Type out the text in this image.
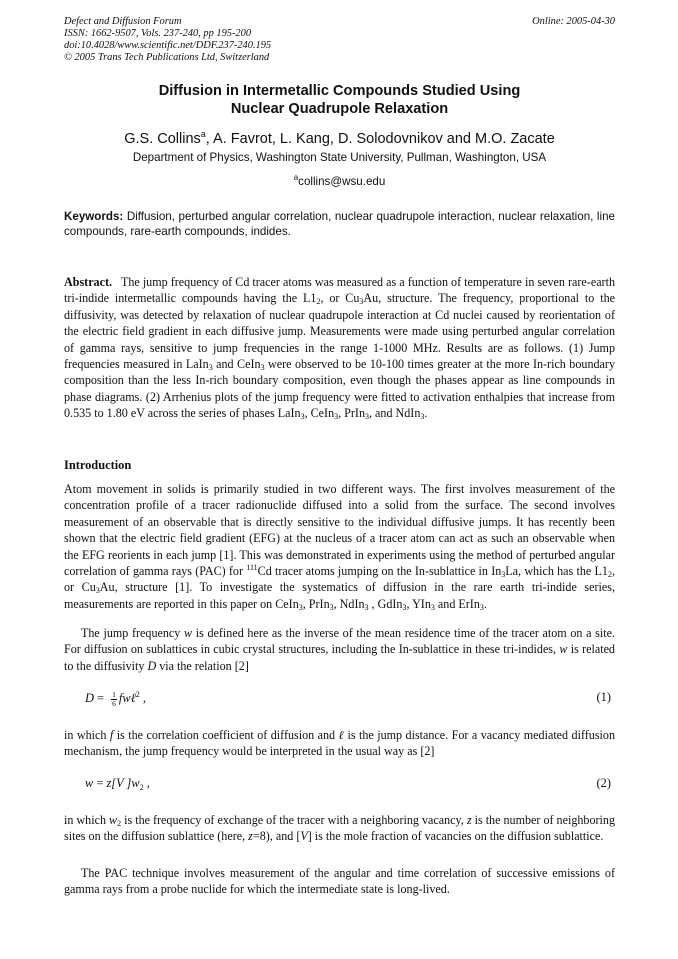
Defect and Diffusion Forum
ISSN: 1662-9507, Vols. 237-240, pp 195-200
doi:10.4028/www.scientific.net/DDF.237-240.195
© 2005 Trans Tech Publications Ltd, Switzerland
Online: 2005-04-30
Diffusion in Intermetallic Compounds Studied Using
Nuclear Quadrupole Relaxation
G.S. Collins$^a$, A. Favrot, L. Kang, D. Solodovnikov and M.O. Zacate
Department of Physics, Washington State University, Pullman, Washington, USA
$^a$collins@wsu.edu
Keywords: Diffusion, perturbed angular correlation, nuclear quadrupole interaction, nuclear relaxation, line compounds, rare-earth compounds, indides.
Abstract. The jump frequency of Cd tracer atoms was measured as a function of temperature in seven rare-earth tri-indide intermetallic compounds having the $L1_2$, or $Cu_3Au$, structure. The frequency, proportional to the diffusivity, was detected by relaxation of nuclear quadrupole interaction at Cd nuclei caused by reorientation of the electric field gradient in each diffusive jump. Measurements were made using perturbed angular correlation of gamma rays, sensitive to jump frequencies in the range 1-1000 MHz. Results are as follows. (1) Jump frequencies measured in LaIn$_3$ and CeIn$_3$ were observed to be 10-100 times greater at the more In-rich boundary composition than the less In-rich boundary composition, even though the phases appear as line compounds in phase diagrams. (2) Arrhenius plots of the jump frequency were fitted to activation enthalpies that increase from 0.535 to 1.80 eV across the series of phases LaIn$_3$, CeIn$_3$, PrIn$_3$, and NdIn$_3$.
Introduction
Atom movement in solids is primarily studied in two different ways. The first involves measurement of the concentration profile of a tracer radionuclide diffused into a solid from the surface. The second involves measurement of an observable that is directly sensitive to the individual diffusive jumps. It has recently been shown that the electric field gradient (EFG) at the nucleus of a tracer atom can act as such an observable when the EFG reorients in each jump [1]. This was demonstrated in experiments using the method of perturbed angular correlation of gamma rays (PAC) for $^{111}$Cd tracer atoms jumping on the In-sublattice in $In_3La$, which has the $L1_2$, or $Cu_3Au$, structure [1]. To investigate the systematics of diffusion in the rare earth tri-indide series, measurements are reported in this paper on CeIn$_3$, PrIn$_3$, NdIn$_3$ , GdIn$_3$, YIn$_3$ and ErIn$_3$.
The jump frequency w is defined here as the inverse of the mean residence time of the tracer atom on a site. For diffusion on sublattices in cubic crystal structures, including the In-sublattice in these tri-indides, w is related to the diffusivity D via the relation [2]
$D = \frac{1}{6}$ fwℓ$^2$ ,	(1)
in which f is the correlation coefficient of diffusion and ℓ is the jump distance. For a vacancy mediated diffusion mechanism, the jump frequency would be interpreted in the usual way as [2]
w = z[V ]$w_2$ ,	(2)
in which $w_2$ is the frequency of exchange of the tracer with a neighboring vacancy, z is the number of neighboring sites on the diffusion sublattice (here, z=8), and [V] is the mole fraction of vacancies on the diffusion sublattice.
The PAC technique involves measurement of the angular and time correlation of successive emissions of gamma rays from a probe nuclide for which the intermediate state is long-lived.
